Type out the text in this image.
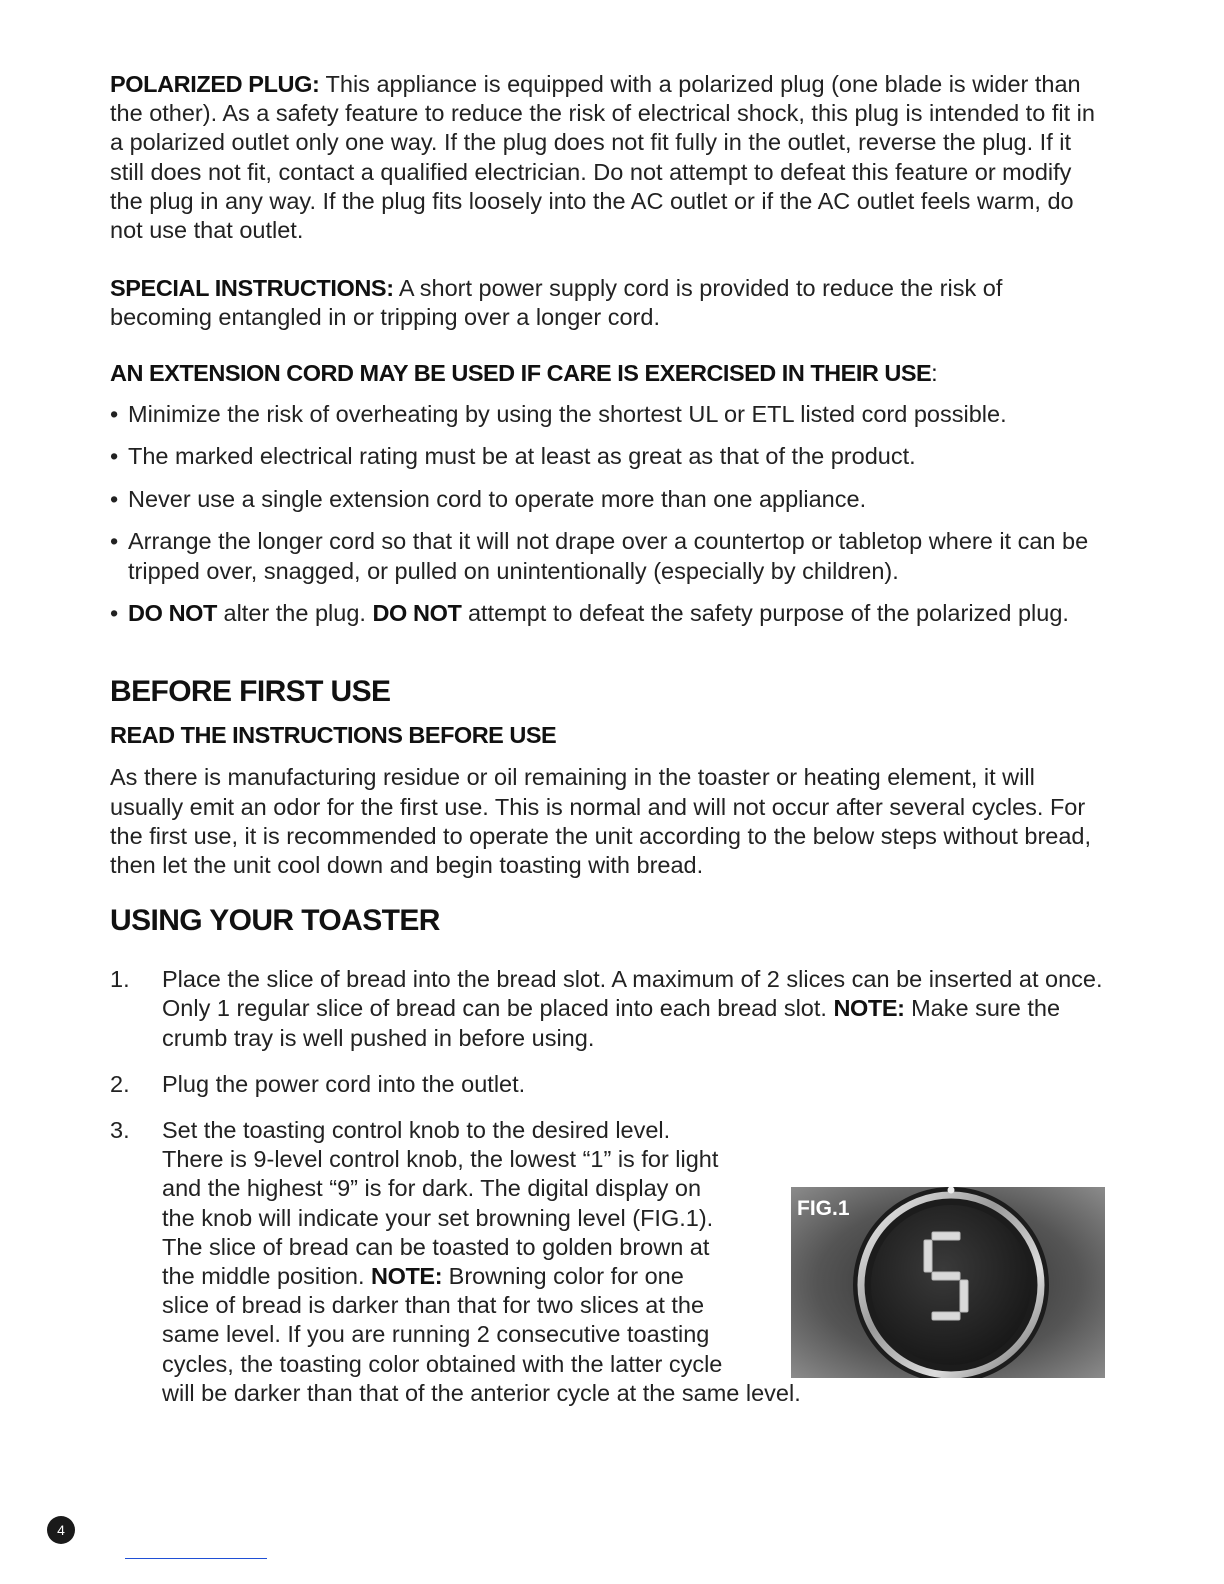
POLARIZED PLUG: This appliance is equipped with a polarized plug (one blade is wider than the other). As a safety feature to reduce the risk of electrical shock, this plug is intended to fit in a polarized outlet only one way. If the plug does not fit fully in the outlet, reverse the plug. If it still does not fit, contact a qualified electrician. Do not attempt to defeat this feature or modify the plug in any way. If the plug fits loosely into the AC outlet or if the AC outlet feels warm, do not use that outlet.

SPECIAL INSTRUCTIONS: A short power supply cord is provided to reduce the risk of becoming entangled in or tripping over a longer cord.

AN EXTENSION CORD MAY BE USED IF CARE IS EXERCISED IN THEIR USE:
• Minimize the risk of overheating by using the shortest UL or ETL listed cord possible.
• The marked electrical rating must be at least as great as that of the product.
• Never use a single extension cord to operate more than one appliance.
• Arrange the longer cord so that it will not drape over a countertop or tabletop where it can be tripped over, snagged, or pulled on unintentionally (especially by children).
• DO NOT alter the plug. DO NOT attempt to defeat the safety purpose of the polarized plug.
BEFORE FIRST USE
READ THE INSTRUCTIONS BEFORE USE

As there is manufacturing residue or oil remaining in the toaster or heating element, it will usually emit an odor for the first use. This is normal and will not occur after several cycles. For the first use, it is recommended to operate the unit according to the below steps without bread, then let the unit cool down and begin toasting with bread.

USING YOUR TOASTER
1. Place the slice of bread into the bread slot. A maximum of 2 slices can be inserted at once. Only 1 regular slice of bread can be placed into each bread slot. NOTE: Make sure the crumb tray is well pushed in before using.
2. Plug the power cord into the outlet.
3. Set the toasting control knob to the desired level.
There is 9-level control knob, the lowest “1” is for light
and the highest “9” is for dark. The digital display on
the knob will indicate your set browning level (FIG.1).
The slice of bread can be toasted to golden brown at
the middle position. NOTE: Browning color for one
slice of bread is darker than that for two slices at the
same level. If you are running 2 consecutive toasting
cycles, the toasting color obtained with the latter cycle
will be darker than that of the anterior cycle at the same level.
FIG.1
4
